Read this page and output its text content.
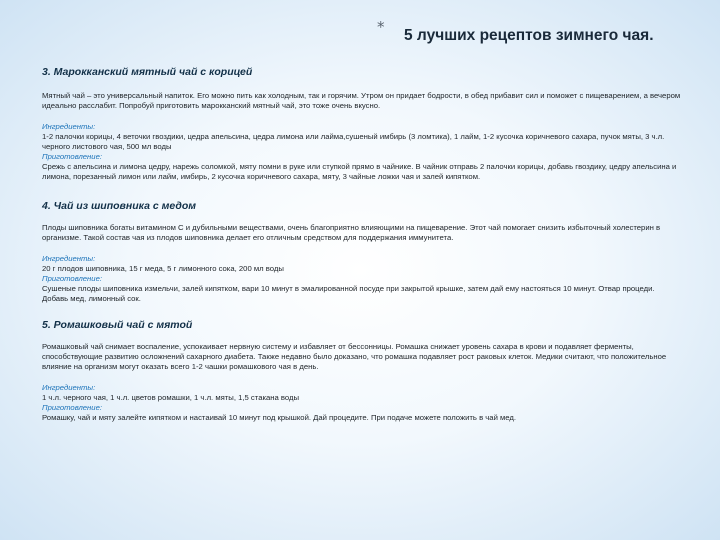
* 5 лучших рецептов зимнего чая.
3. Марокканский мятный чай с корицей

Мятный чай – это универсальный напиток. Его можно пить как холодным, так и горячим. Утром он придает бодрости, в обед прибавит сил и поможет с пищеварением, а вечером идеально расслабит. Попробуй приготовить марокканский мятный чай, это тоже очень вкусно.

Ингредиенты:

1-2 палочки корицы, 4 веточки гвоздики, цедра апельсина, цедра лимона или лайма,сушеный имбирь (3 ломтика), 1 лайм, 1-2 кусочка коричневого сахара, пучок мяты, 3 ч.л. черного листового чая, 500 мл воды

Приготовление:

Срежь с апельсина и лимона цедру, нарежь соломкой, мяту помни в руке или ступкой прямо в чайнике. В чайник отправь 2 палочки корицы, добавь гвоздику, цедру апельсина и лимона, порезанный лимон или лайм, имбирь, 2 кусочка коричневого сахара, мяту, 3 чайные ложки чая и залей кипятком.

4. Чай из шиповника с медом

Плоды шиповника богаты витамином С и дубильными веществами, очень благоприятно влияющими на пищеварение. Этот чай помогает снизить избыточный холестерин в организме. Такой состав чая из плодов шиповника делает его отличным средством для поддержания иммунитета.

Ингредиенты:

20 г плодов шиповника, 15 г меда, 5 г лимонного сока, 200 мл воды

Приготовление:

Сушеные плоды шиповника измельчи, залей кипятком, вари 10 минут в эмалированной посуде при закрытой крышке, затем дай ему настояться 10 минут. Отвар процеди. Добавь мед, лимонный сок.

5. Ромашковый чай с мятой

Ромашковый чай снимает воспаление, успокаивает нервную систему и избавляет от бессонницы. Ромашка снижает уровень сахара в крови и подавляет ферменты, способствующие развитию осложнений сахарного диабета. Также недавно было доказано, что ромашка подавляет рост раковых клеток. Медики считают, что положительное влияние на организм могут оказать всего 1-2 чашки ромашкового чая в день.

Ингредиенты:

1 ч.л. черного чая, 1 ч.л. цветов ромашки, 1 ч.л. мяты, 1,5 стакана воды

Приготовление:

Ромашку, чай и мяту залейте кипятком и настаивай 10 минут под крышкой. Дай процедите. При подаче можете положить в чай мед.
